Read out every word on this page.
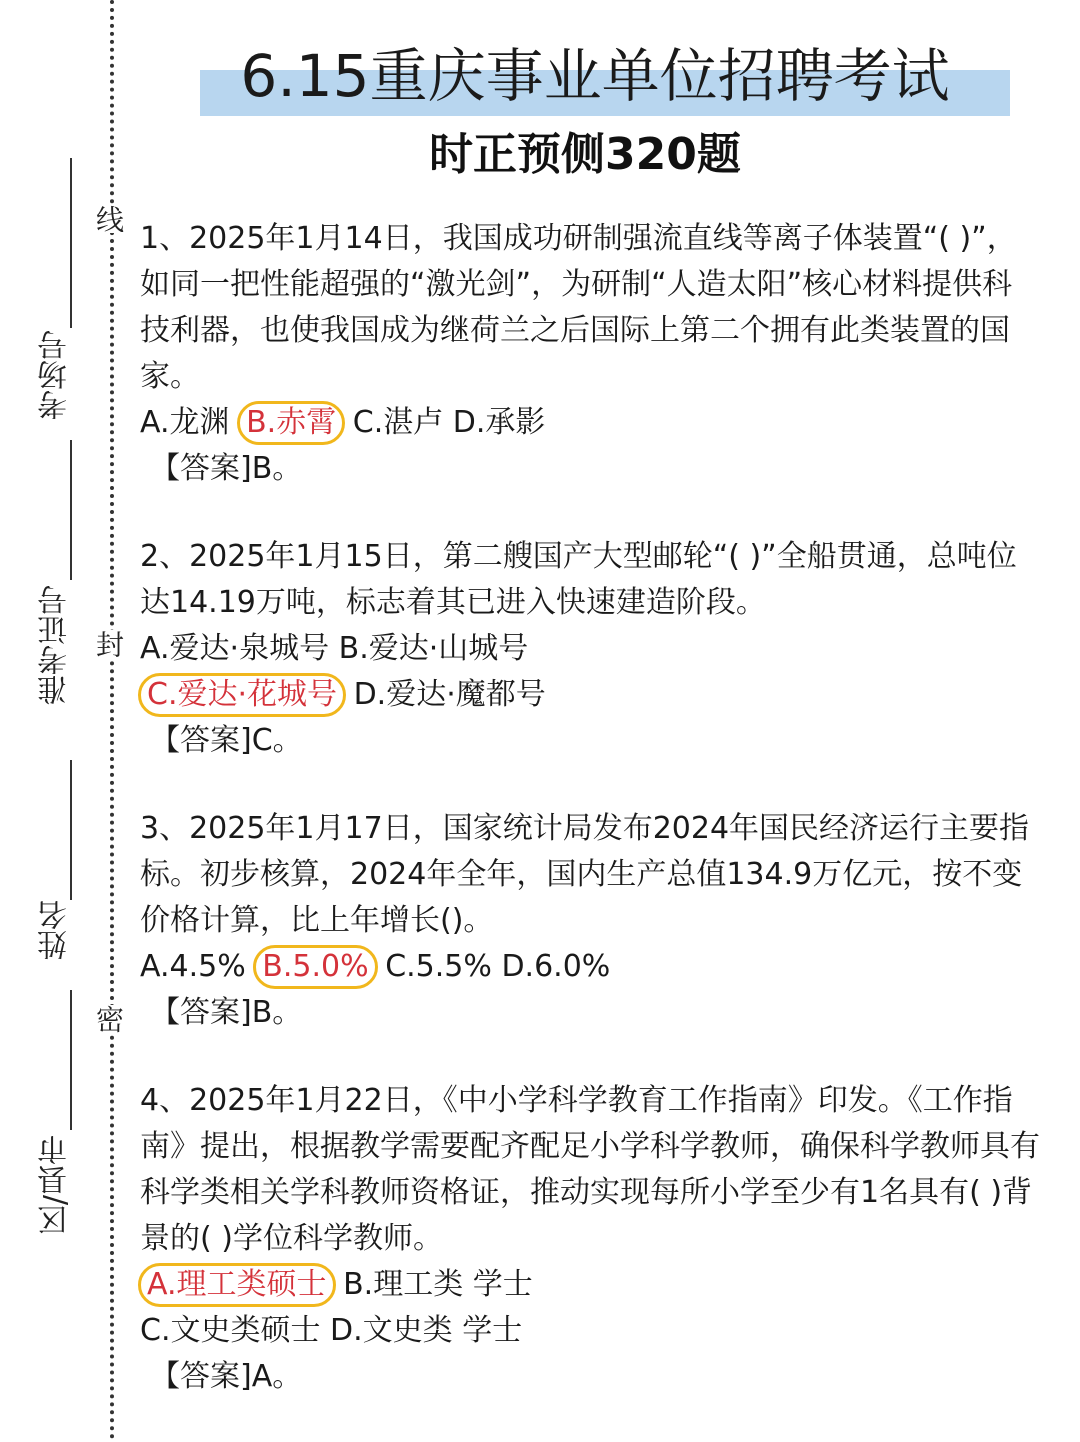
考场号
准考证号
姓名
区/县市
线
封
密
6.15重庆事业单位招聘考试
时正预侧320题

1、2025年1月14日，我国成功研制强流直线等离子体装置“( )”，如同一把性能超强的“激光剑”，为研制“人造太阳”核心材料提供科技利器，也使我国成为继荷兰之后国际上第二个拥有此类装置的国家。

A.龙渊 B.赤霄 C.湛卢 D.承影

【答案]B。

2、2025年1月15日，第二艘国产大型邮轮“( )”全船贯通，总吨位达14.19万吨，标志着其已进入快速建造阶段。

A.爱达·泉城号 B.爱达·山城号

C.爱达·花城号 D.爱达·魔都号

【答案]C。

3、2025年1月17日，国家统计局发布2024年国民经济运行主要指标。初步核算，2024年全年，国内生产总值134.9万亿元，按不变价格计算，比上年增长()。

A.4.5% B.5.0% C.5.5% D.6.0%

【答案]B。

4、2025年1月22日，《中小学科学教育工作指南》印发。《工作指南》提出，根据教学需要配齐配足小学科学教师，确保科学教师具有科学类相关学科教师资格证，推动实现每所小学至少有1名具有( )背景的( )学位科学教师。

A.理工类硕士 B.理工类 学士

C.文史类硕士 D.文史类 学士

【答案]A。
